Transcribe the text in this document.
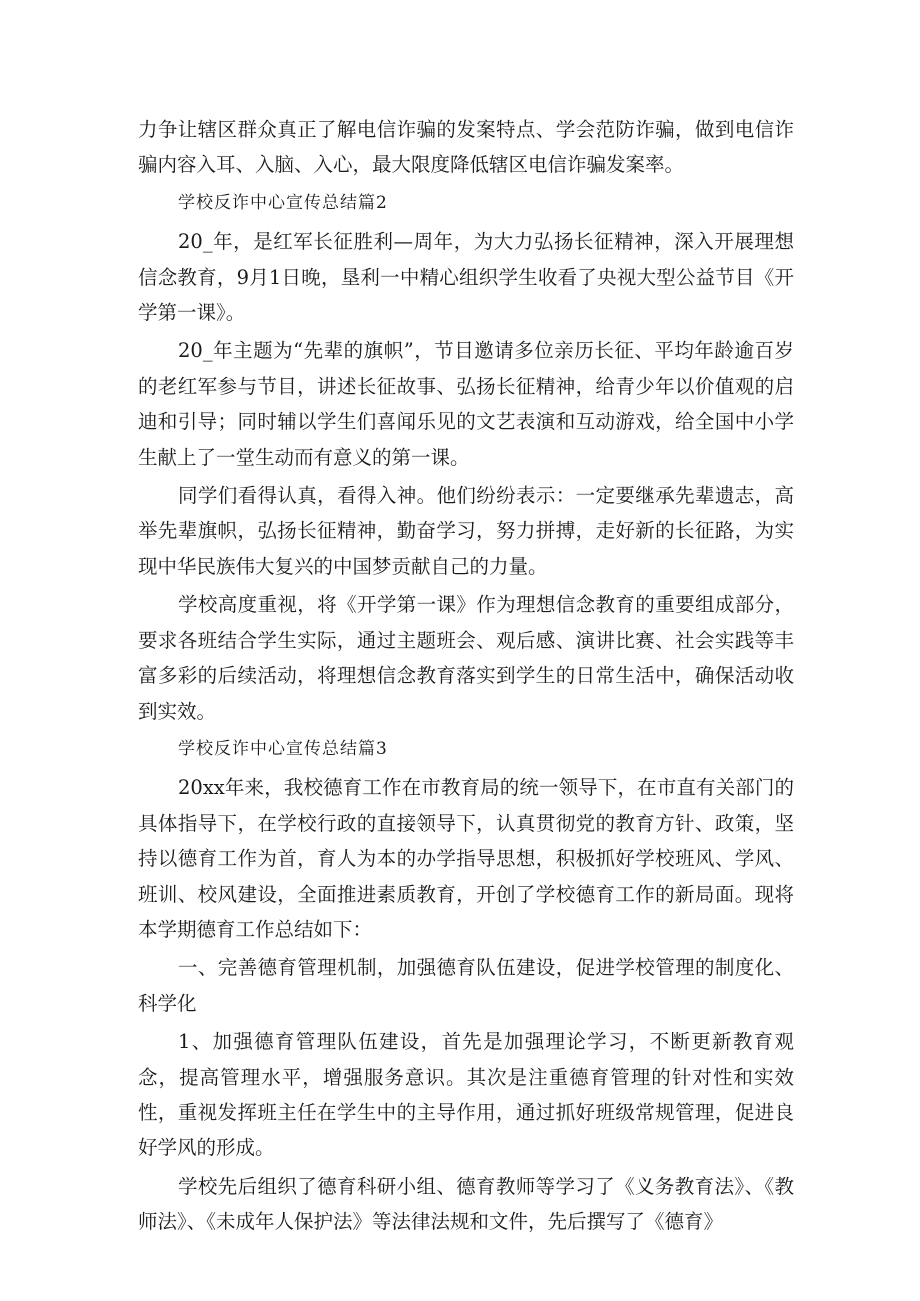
力争让辖区群众真正了解电信诈骗的发案特点、学会范防诈骗，做到电信诈骗内容入耳、入脑、入心，最大限度降低辖区电信诈骗发案率。

学校反诈中心宣传总结篇2

20_年，是红军长征胜利—周年，为大力弘扬长征精神，深入开展理想信念教育，9月1日晚，垦利一中精心组织学生收看了央视大型公益节目《开学第一课》。

20_年主题为“先辈的旗帜”，节目邀请多位亲历长征、平均年龄逾百岁的老红军参与节目，讲述长征故事、弘扬长征精神，给青少年以价值观的启迪和引导；同时辅以学生们喜闻乐见的文艺表演和互动游戏，给全国中小学生献上了一堂生动而有意义的第一课。

同学们看得认真，看得入神。他们纷纷表示：一定要继承先辈遗志，高举先辈旗帜，弘扬长征精神，勤奋学习，努力拼搏，走好新的长征路，为实现中华民族伟大复兴的中国梦贡献自己的力量。

学校高度重视，将《开学第一课》作为理想信念教育的重要组成部分，要求各班结合学生实际，通过主题班会、观后感、演讲比赛、社会实践等丰富多彩的后续活动，将理想信念教育落实到学生的日常生活中，确保活动收到实效。

学校反诈中心宣传总结篇3

20xx年来，我校德育工作在市教育局的统一领导下，在市直有关部门的具体指导下，在学校行政的直接领导下，认真贯彻党的教育方针、政策，坚持以德育工作为首，育人为本的办学指导思想，积极抓好学校班风、学风、班训、校风建设，全面推进素质教育，开创了学校德育工作的新局面。现将本学期德育工作总结如下：

一、完善德育管理机制，加强德育队伍建设，促进学校管理的制度化、科学化

1、加强德育管理队伍建设，首先是加强理论学习，不断更新教育观念，提高管理水平，增强服务意识。其次是注重德育管理的针对性和实效性，重视发挥班主任在学生中的主导作用，通过抓好班级常规管理，促进良好学风的形成。

学校先后组织了德育科研小组、德育教师等学习了《义务教育法》、《教师法》、《未成年人保护法》等法律法规和文件，先后撰写了《德育》
